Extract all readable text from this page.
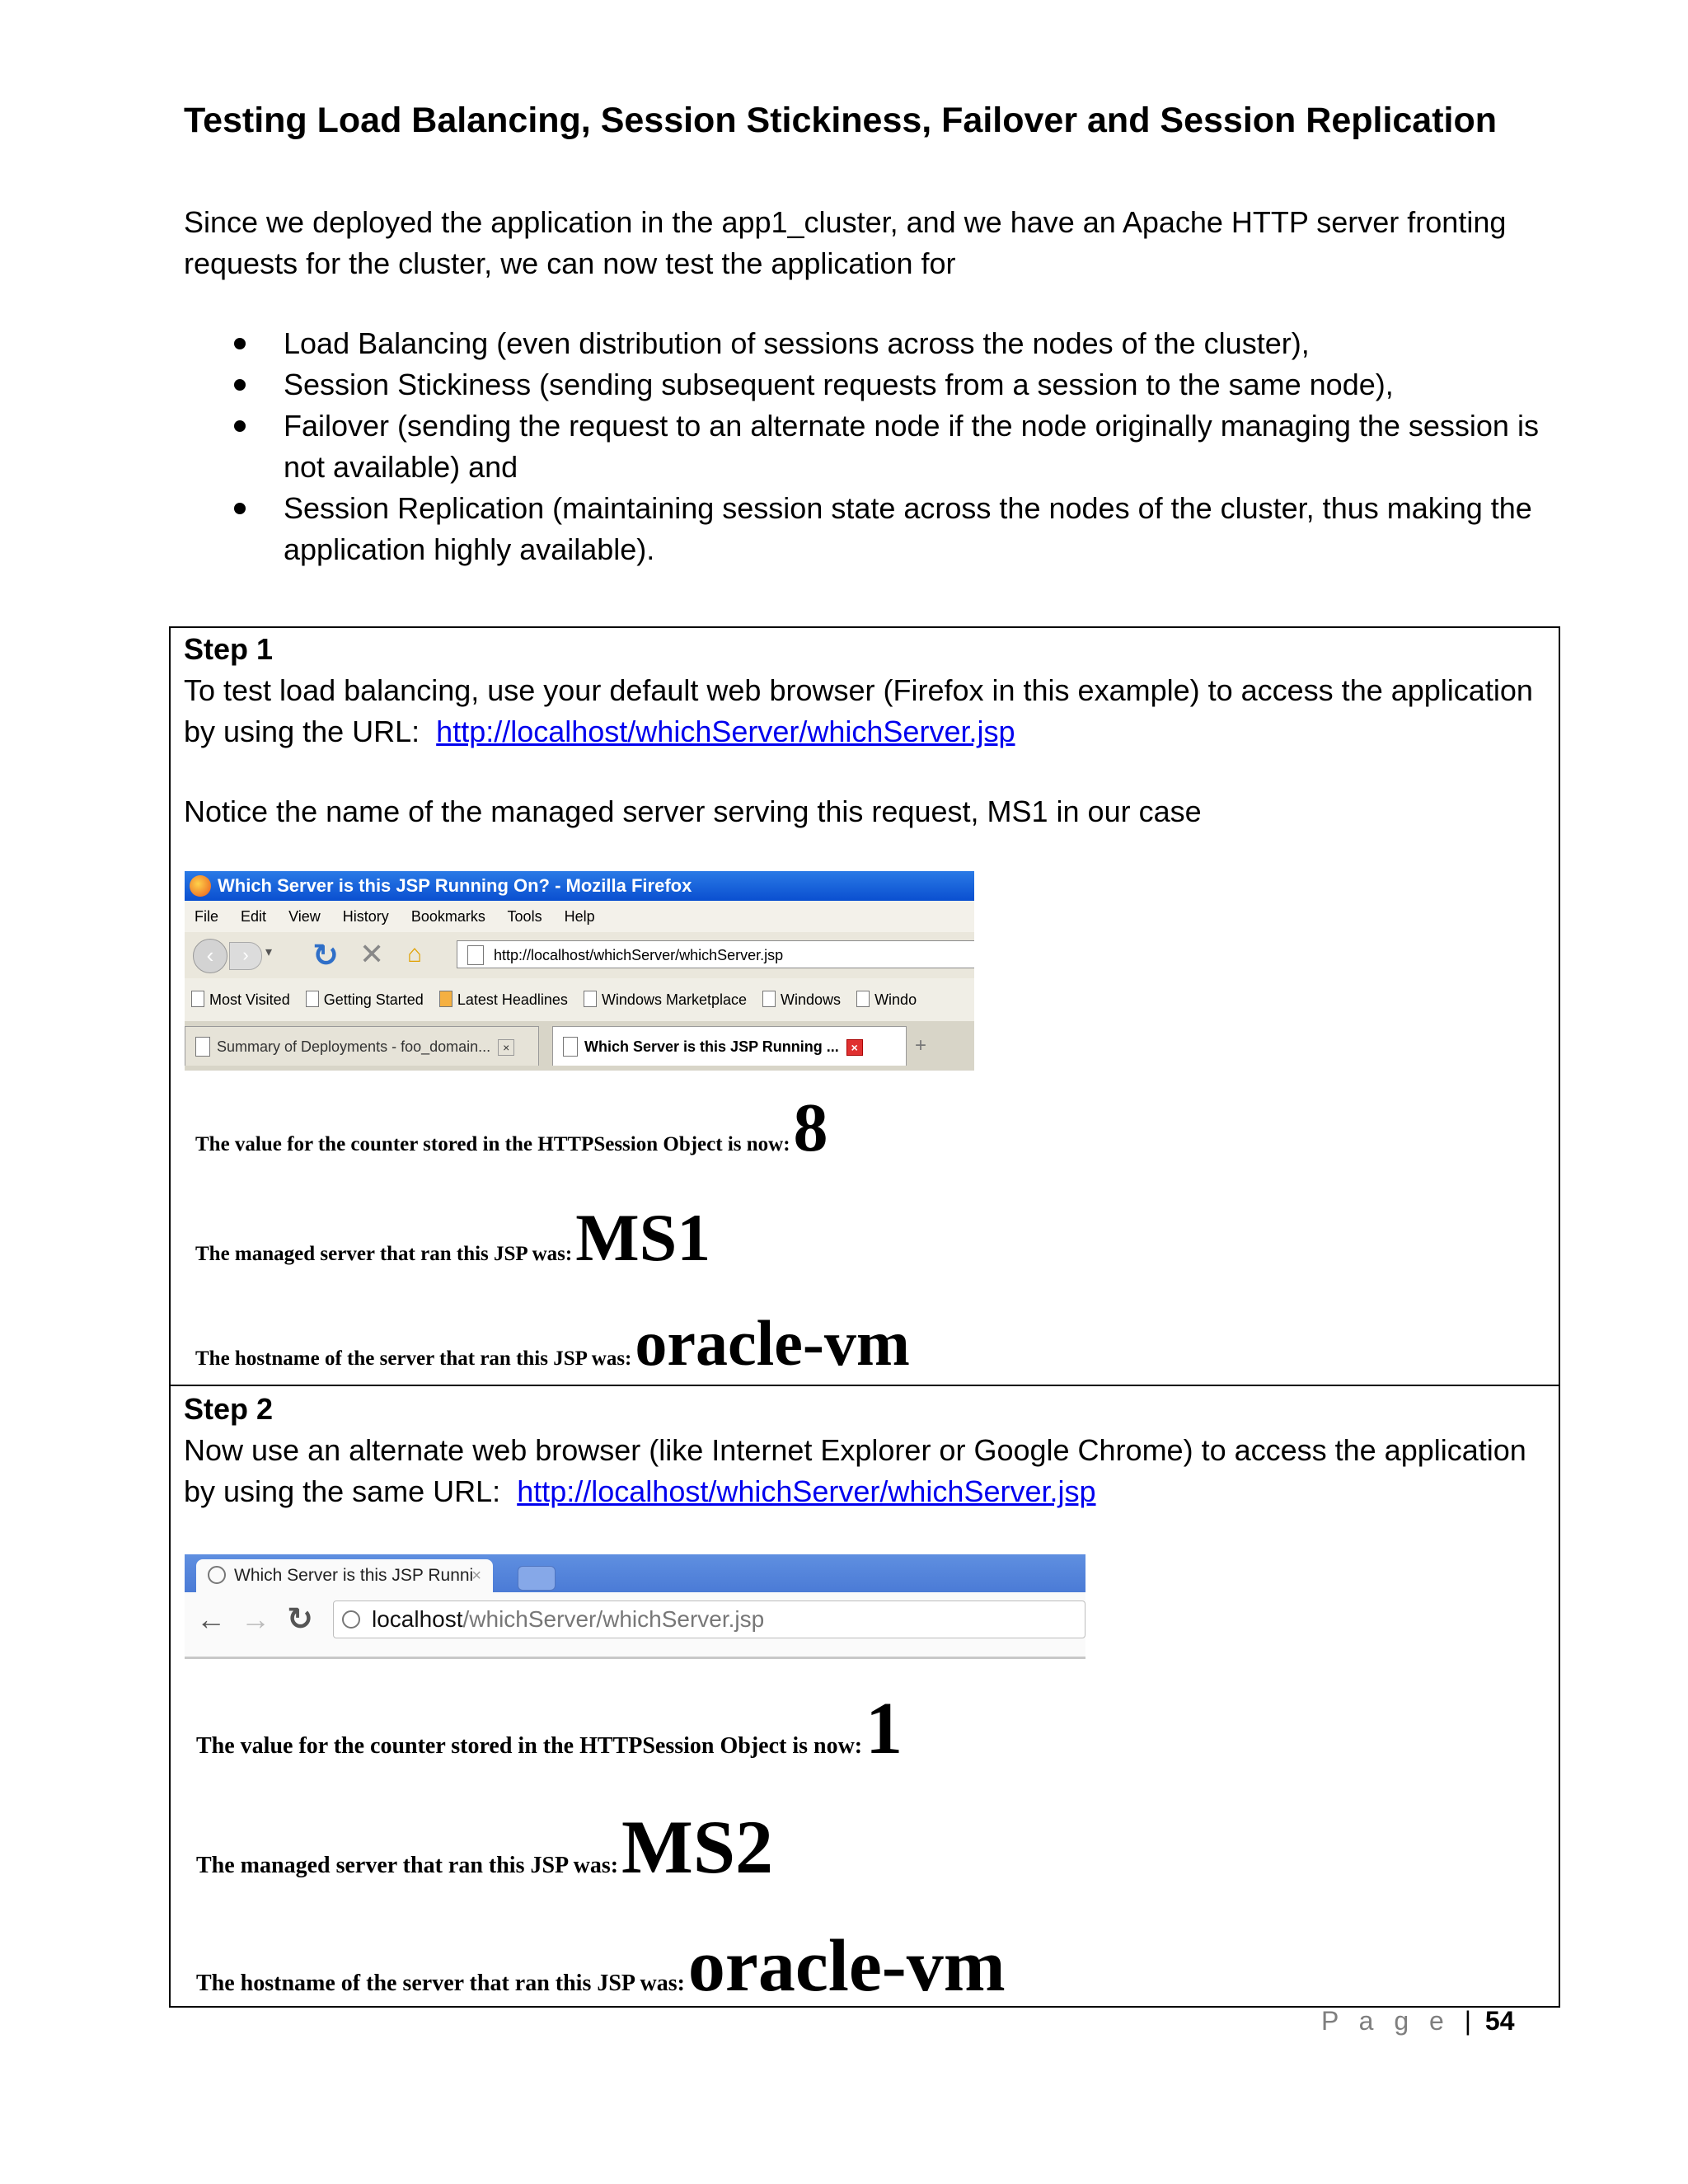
Testing Load Balancing, Session Stickiness, Failover and Session Replication
Since we deployed the application in the app1_cluster, and we have an Apache HTTP server fronting requests for the cluster, we can now test the application for
Load Balancing (even distribution of sessions across the nodes of the cluster),
Session Stickiness (sending subsequent requests from a session to the same node),
Failover (sending the request to an alternate node if the node originally managing the session is not available) and
Session Replication (maintaining session state across the nodes of the cluster, thus making the application highly available).
Step 1
To test load balancing, use your default web browser (Firefox in this example) to access the application by using the URL: http://localhost/whichServer/whichServer.jsp
Notice the name of the managed server serving this request, MS1 in our case
Which Server is this JSP Running On? - Mozilla Firefox
File Edit View History Bookmarks Tools Help
‹	›	▾ ↻ ✕ ⌂	http://localhost/whichServer/whichServer.jsp
Most Visited Getting Started Latest Headlines Windows Marketplace Windows Windo
Summary of Deployments - foo_domain... ×	Which Server is this JSP Running ... ×	+
The value for the counter stored in the HTTPSession Object is now: 8
The managed server that ran this JSP was: MS1
The hostname of the server that ran this JSP was: oracle-vm
Step 2
Now use an alternate web browser (like Internet Explorer or Google Chrome) to access the application by using the same URL: http://localhost/whichServer/whichServer.jsp
Which Server is this JSP Runni
×
← → ↻	localhost/whichServer/whichServer.jsp
The value for the counter stored in the HTTPSession Object is now: 1
The managed server that ran this JSP was: MS2
The hostname of the server that ran this JSP was: oracle-vm
P a g e | 54
